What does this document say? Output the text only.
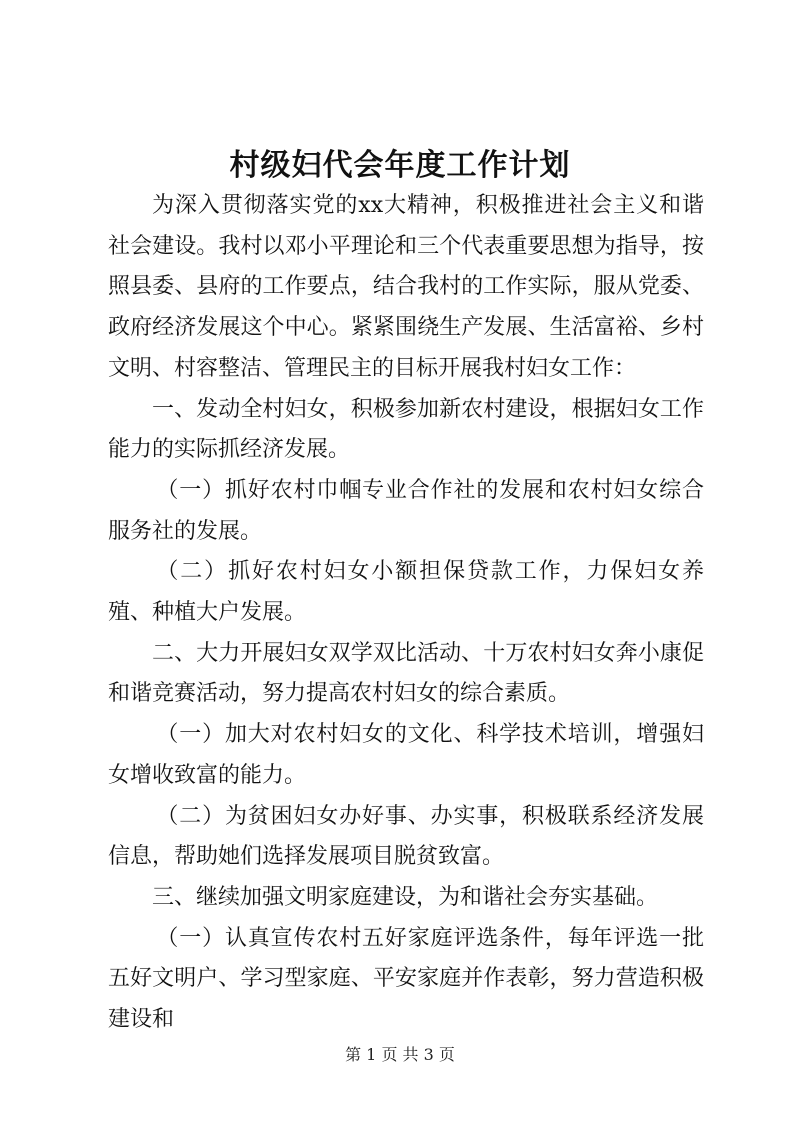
村级妇代会年度工作计划

为深入贯彻落实党的xx大精神，积极推进社会主义和谐社会建设。我村以邓小平理论和三个代表重要思想为指导，按照县委、县府的工作要点，结合我村的工作实际，服从党委、政府经济发展这个中心。紧紧围绕生产发展、生活富裕、乡村文明、村容整洁、管理民主的目标开展我村妇女工作：

一、发动全村妇女，积极参加新农村建设，根据妇女工作能力的实际抓经济发展。

（一）抓好农村巾帼专业合作社的发展和农村妇女综合服务社的发展。

（二）抓好农村妇女小额担保贷款工作，力保妇女养殖、种植大户发展。

二、大力开展妇女双学双比活动、十万农村妇女奔小康促和谐竞赛活动，努力提高农村妇女的综合素质。

（一）加大对农村妇女的文化、科学技术培训，增强妇女增收致富的能力。

（二）为贫困妇女办好事、办实事，积极联系经济发展信息，帮助她们选择发展项目脱贫致富。

三、继续加强文明家庭建设，为和谐社会夯实基础。

（一）认真宣传农村五好家庭评选条件，每年评选一批五好文明户、学习型家庭、平安家庭并作表彰，努力营造积极建设和

第 1 页 共 3 页
